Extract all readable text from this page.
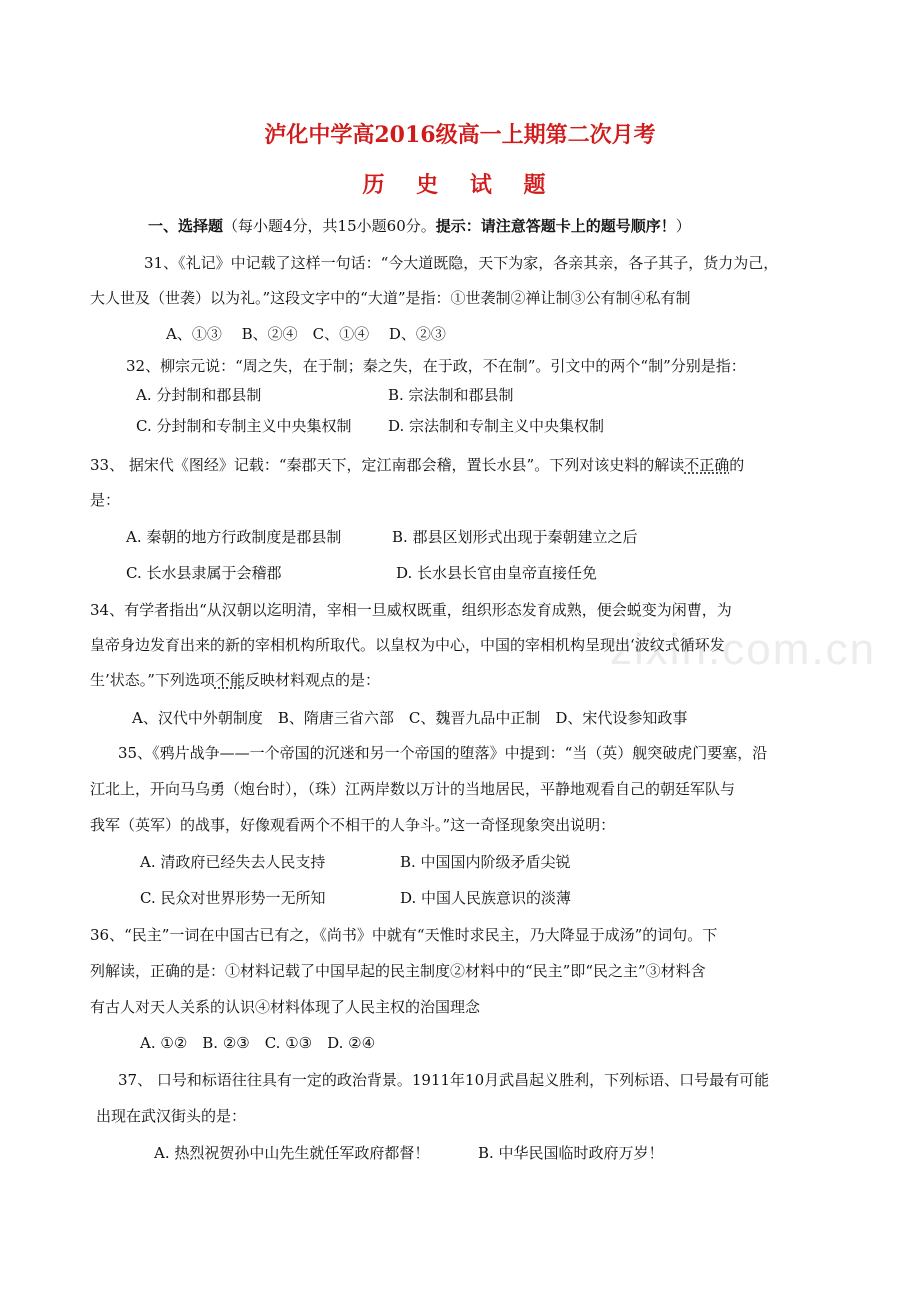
zixin.com.cn
泸化中学高2016级高一上期第二次月考
历 史 试 题
一、选择题（每小题4分，共15小题60分。提示：请注意答题卡上的题号顺序！）
31、《礼记》中记载了这样一句话：“今大道既隐，天下为家，各亲其亲，各子其子，货力为己，
大人世及（世袭）以为礼。”这段文字中的“大道”是指：①世袭制②禅让制③公有制④私有制
A、①③　 B、②④　C、①④　 D、②③
32、柳宗元说：“周之失，在于制；秦之失，在于政，不在制”。引文中的两个“制”分别是指：
A. 分封制和郡县制	B. 宗法制和郡县制
C. 分封制和专制主义中央集权制 D. 宗法制和专制主义中央集权制
33、 据宋代《图经》记载：“秦郡天下，定江南郡会稽，置长水县”。下列对该史料的解读不正确的
是：
A. 秦朝的地方行政制度是郡县制	B. 郡县区划形式出现于秦朝建立之后
C. 长水县隶属于会稽郡	D. 长水县长官由皇帝直接任免
34、有学者指出“从汉朝以迄明清，宰相一旦威权既重，组织形态发育成熟，便会蜕变为闲曹，为
皇帝身边发育出来的新的宰相机构所取代。以皇权为中心，中国的宰相机构呈现出‘波纹式循环发
生’状态。”下列选项不能反映材料观点的是：
A、汉代中外朝制度　B、隋唐三省六部　C、魏晋九品中正制　D、宋代设参知政事
35、《鸦片战争——一个帝国的沉迷和另一个帝国的堕落》中提到：“当（英）舰突破虎门要塞，沿
江北上，开向马乌勇（炮台时），（珠）江两岸数以万计的当地居民，平静地观看自己的朝廷军队与
我军（英军）的战事，好像观看两个不相干的人争斗。”这一奇怪现象突出说明：
A. 清政府已经失去人民支持	B. 中国国内阶级矛盾尖锐
C. 民众对世界形势一无所知	D. 中国人民族意识的淡薄
36、“民主”一词在中国古已有之，《尚书》中就有“天惟时求民主，乃大降显于成汤”的词句。下
列解读，正确的是：①材料记载了中国早起的民主制度②材料中的“民主”即“民之主”③材料含
有古人对天人关系的认识④材料体现了人民主权的治国理念
A. ①②　B. ②③　C. ①③　D. ②④
37、 口号和标语往往具有一定的政治背景。1911年10月武昌起义胜利，下列标语、口号最有可能
出现在武汉街头的是：
A. 热烈祝贺孙中山先生就任军政府都督！	B. 中华民国临时政府万岁！
